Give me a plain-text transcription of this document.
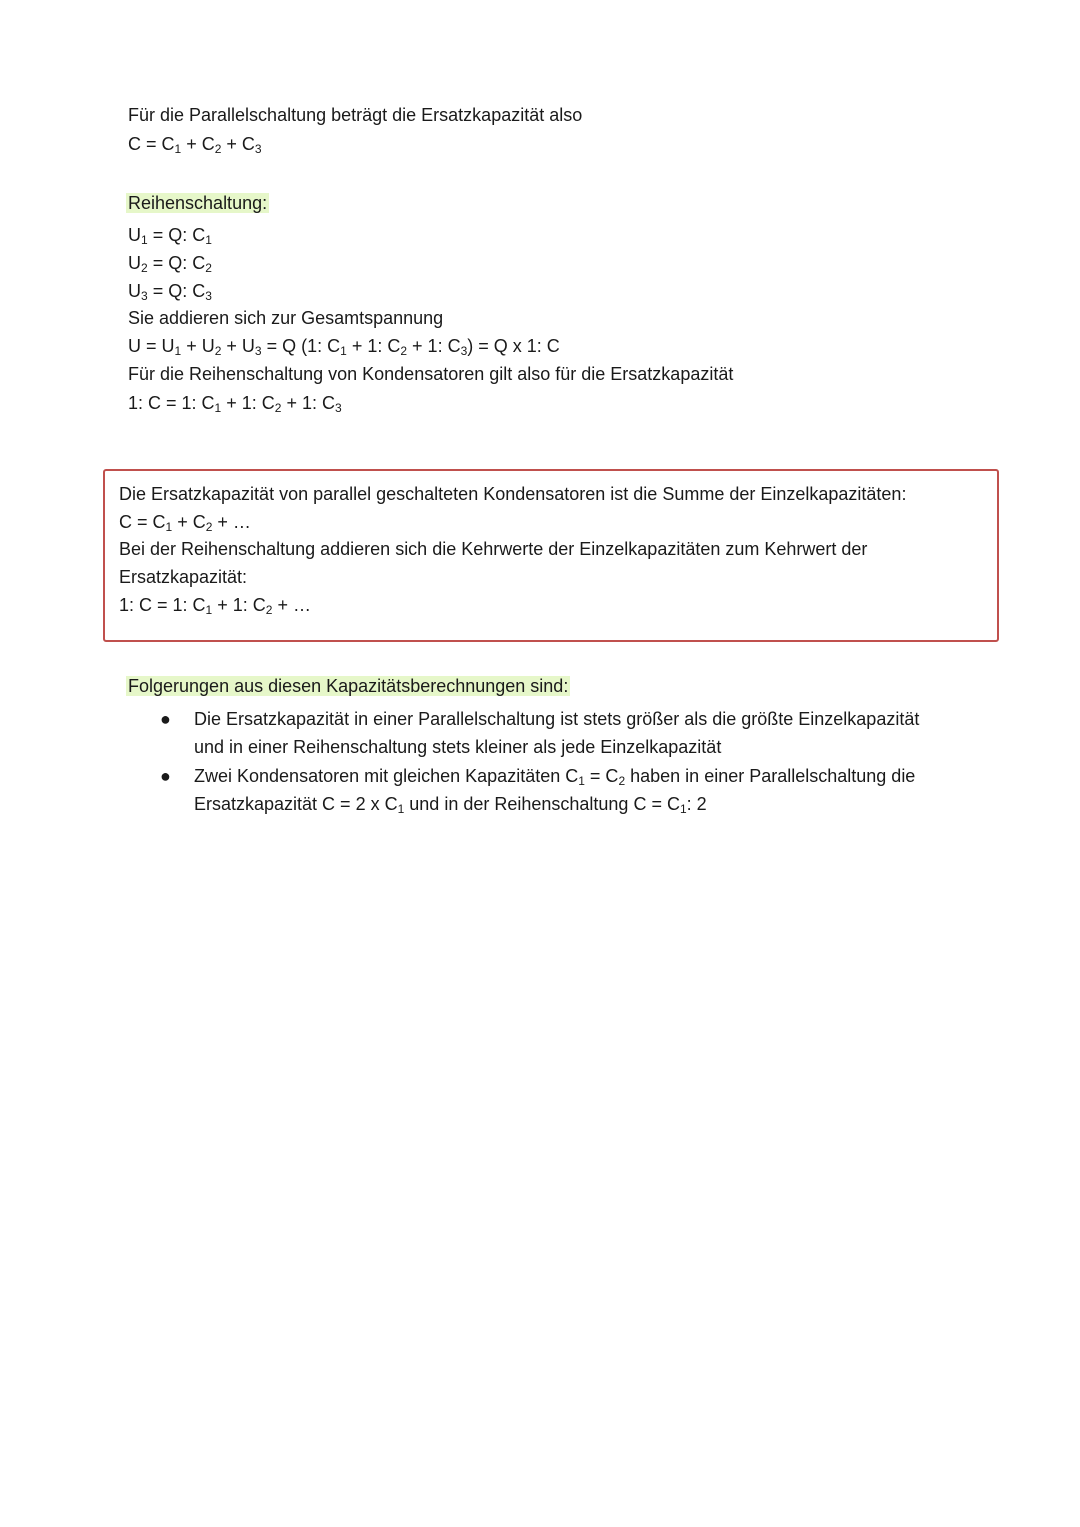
Für die Parallelschaltung beträgt die Ersatzkapazität also
$C = C_1 + C_2 + C_3$
Reihenschaltung:
$U_1 = Q$: $C_1$
$U_2 = Q$: $C_2$
$U_3 = Q$: $C_3$
Sie addieren sich zur Gesamtspannung
$U = U_1 + U_2 + U_3 = Q$ (1: $C_1 + 1$: $C_2 + 1$: $C_3) = Q$ x 1: C
Für die Reihenschaltung von Kondensatoren gilt also für die Ersatzkapazität
1: C = 1: $C_1 + 1$: $C_2 + 1$: $C_3$
Die Ersatzkapazität von parallel geschalteten Kondensatoren ist die Summe der Einzelkapazitäten:
$C = C_1 + C_2$ + …
Bei der Reihenschaltung addieren sich die Kehrwerte der Einzelkapazitäten zum Kehrwert der
Ersatzkapazität:
1: C = 1: $C_1 + 1$: $C_2$ + …
Folgerungen aus diesen Kapazitätsberechnungen sind:
● Die Ersatzkapazität in einer Parallelschaltung ist stets größer als die größte Einzelkapazität
und in einer Reihenschaltung stets kleiner als jede Einzelkapazität
● Zwei Kondensatoren mit gleichen Kapazitäten $C_1 = C_2$ haben in einer Parallelschaltung die
Ersatzkapazität C = 2 x $C_1$ und in der Reihenschaltung $C = C_1$: 2
